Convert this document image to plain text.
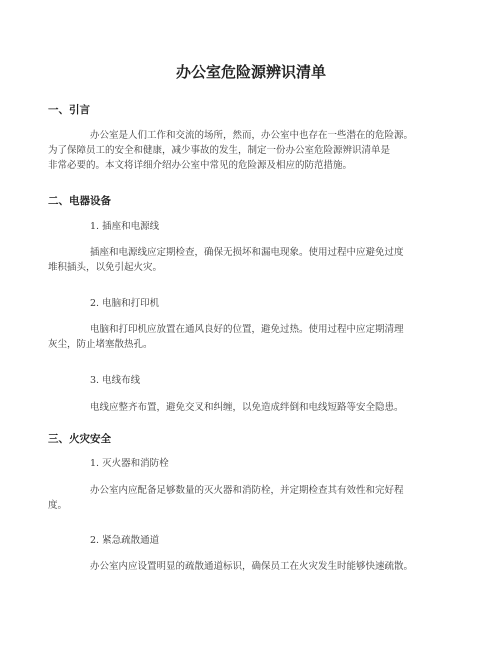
办公室危险源辨识清单
一、引言
办公室是人们工作和交流的场所，然而，办公室中也存在一些潜在的危险源。
为了保障员工的安全和健康，减少事故的发生，制定一份办公室危险源辨识清单是
非常必要的。本文将详细介绍办公室中常见的危险源及相应的防范措施。
二、电器设备
1. 插座和电源线
插座和电源线应定期检查，确保无损坏和漏电现象。使用过程中应避免过度
堆积插头，以免引起火灾。
2. 电脑和打印机
电脑和打印机应放置在通风良好的位置，避免过热。使用过程中应定期清理
灰尘，防止堵塞散热孔。
3. 电线布线
电线应整齐布置，避免交叉和纠缠，以免造成绊倒和电线短路等安全隐患。
三、火灾安全
1. 灭火器和消防栓
办公室内应配备足够数量的灭火器和消防栓，并定期检查其有效性和完好程
度。
2. 紧急疏散通道
办公室内应设置明显的疏散通道标识，确保员工在火灾发生时能够快速疏散。
